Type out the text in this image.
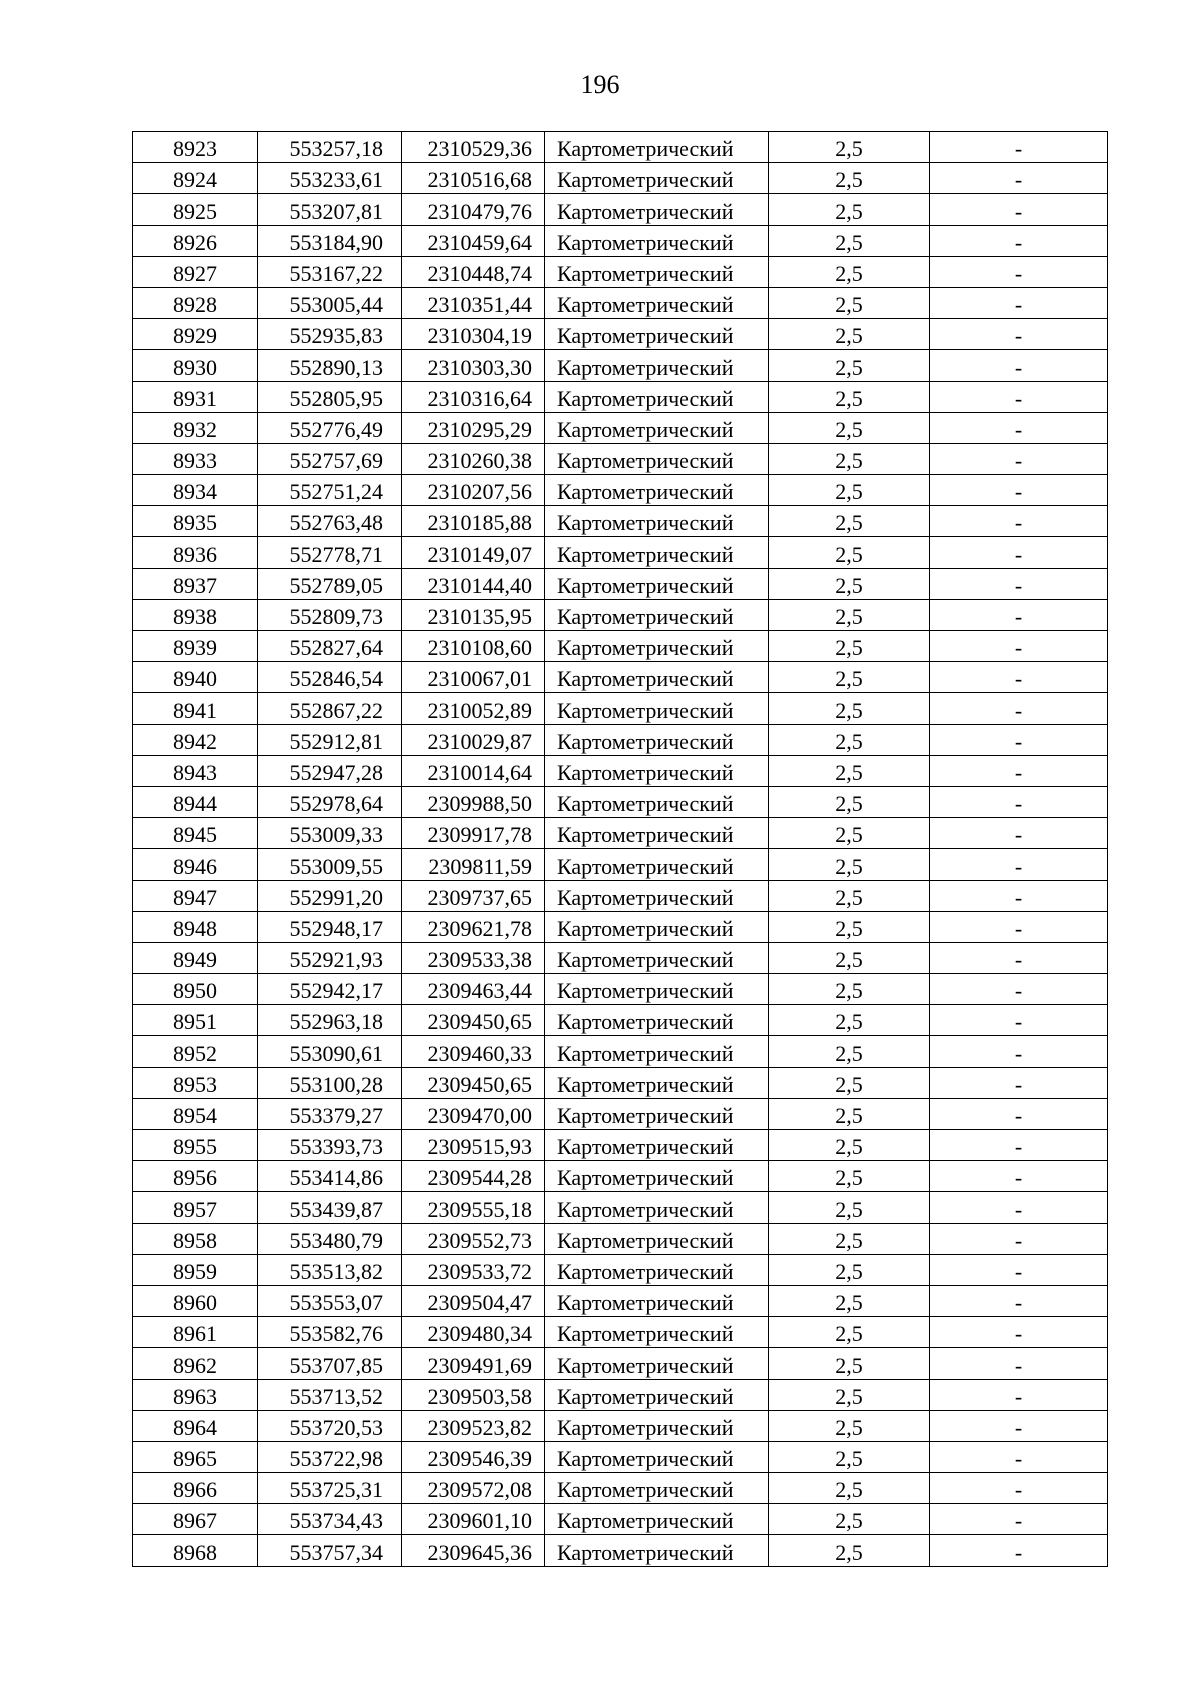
196
8923	553257,18	2310529,36	Картометрический	2,5	-
8924	553233,61	2310516,68	Картометрический	2,5	-
8925	553207,81	2310479,76	Картометрический	2,5	-
8926	553184,90	2310459,64	Картометрический	2,5	-
8927	553167,22	2310448,74	Картометрический	2,5	-
8928	553005,44	2310351,44	Картометрический	2,5	-
8929	552935,83	2310304,19	Картометрический	2,5	-
8930	552890,13	2310303,30	Картометрический	2,5	-
8931	552805,95	2310316,64	Картометрический	2,5	-
8932	552776,49	2310295,29	Картометрический	2,5	-
8933	552757,69	2310260,38	Картометрический	2,5	-
8934	552751,24	2310207,56	Картометрический	2,5	-
8935	552763,48	2310185,88	Картометрический	2,5	-
8936	552778,71	2310149,07	Картометрический	2,5	-
8937	552789,05	2310144,40	Картометрический	2,5	-
8938	552809,73	2310135,95	Картометрический	2,5	-
8939	552827,64	2310108,60	Картометрический	2,5	-
8940	552846,54	2310067,01	Картометрический	2,5	-
8941	552867,22	2310052,89	Картометрический	2,5	-
8942	552912,81	2310029,87	Картометрический	2,5	-
8943	552947,28	2310014,64	Картометрический	2,5	-
8944	552978,64	2309988,50	Картометрический	2,5	-
8945	553009,33	2309917,78	Картометрический	2,5	-
8946	553009,55	2309811,59	Картометрический	2,5	-
8947	552991,20	2309737,65	Картометрический	2,5	-
8948	552948,17	2309621,78	Картометрический	2,5	-
8949	552921,93	2309533,38	Картометрический	2,5	-
8950	552942,17	2309463,44	Картометрический	2,5	-
8951	552963,18	2309450,65	Картометрический	2,5	-
8952	553090,61	2309460,33	Картометрический	2,5	-
8953	553100,28	2309450,65	Картометрический	2,5	-
8954	553379,27	2309470,00	Картометрический	2,5	-
8955	553393,73	2309515,93	Картометрический	2,5	-
8956	553414,86	2309544,28	Картометрический	2,5	-
8957	553439,87	2309555,18	Картометрический	2,5	-
8958	553480,79	2309552,73	Картометрический	2,5	-
8959	553513,82	2309533,72	Картометрический	2,5	-
8960	553553,07	2309504,47	Картометрический	2,5	-
8961	553582,76	2309480,34	Картометрический	2,5	-
8962	553707,85	2309491,69	Картометрический	2,5	-
8963	553713,52	2309503,58	Картометрический	2,5	-
8964	553720,53	2309523,82	Картометрический	2,5	-
8965	553722,98	2309546,39	Картометрический	2,5	-
8966	553725,31	2309572,08	Картометрический	2,5	-
8967	553734,43	2309601,10	Картометрический	2,5	-
8968	553757,34	2309645,36	Картометрический	2,5	-
